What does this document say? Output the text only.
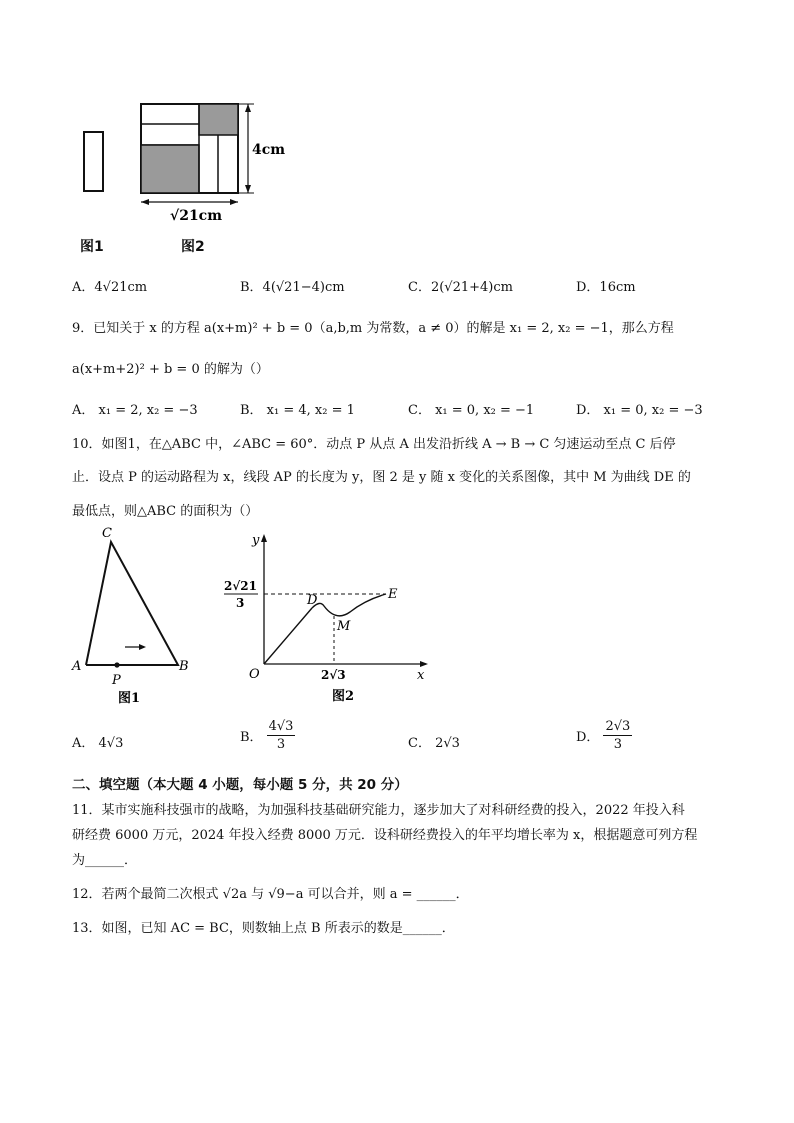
4cm
√21cm
图1	图2
A．4√21cm	B．4(√21−4)cm	C．2(√21+4)cm	D．16cm
9．已知关于 x 的方程 a(x+m)² + b = 0（a,b,m 为常数，a ≠ 0）的解是 x₁ = 2, x₂ = −1，那么方程
a(x+m+2)² + b = 0 的解为（）
A． x₁ = 2, x₂ = −3	B． x₁ = 4, x₂ = 1	C． x₁ = 0, x₂ = −1	D． x₁ = 0, x₂ = −3
10．如图1，在△ABC 中，∠ABC = 60°．动点 P 从点 A 出发沿折线 A → B → C 匀速运动至点 C 后停
止．设点 P 的运动路程为 x，线段 AP 的长度为 y，图 2 是 y 随 x 变化的关系图像，其中 M 为曲线 DE 的
最低点，则△ABC 的面积为（）
C
A	B
P
图1
y
x
O
D	E
M
2√21
3
2√3
图2
A． 4√3	B． $\frac{4√3}{3}$	C． 2√3	D． $\frac{2√3}{3}$
二、填空题（本大题 4 小题，每小题 5 分，共 20 分）
11．某市实施科技强市的战略，为加强科技基础研究能力，逐步加大了对科研经费的投入，2022 年投入科
研经费 6000 万元，2024 年投入经费 8000 万元．设科研经费投入的年平均增长率为 x，根据题意可列方程
为______．
12．若两个最简二次根式 √2a 与 √9−a 可以合并，则 a = ______．
13．如图，已知 AC = BC，则数轴上点 B 所表示的数是______．
